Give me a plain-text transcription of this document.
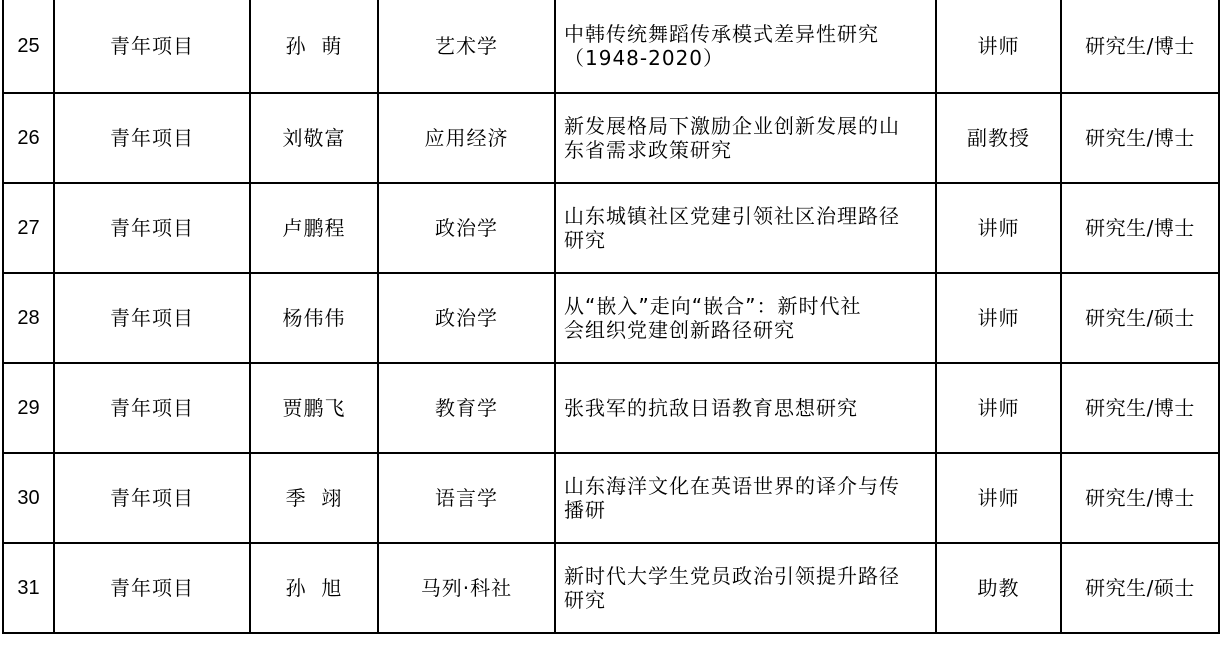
25	青年项目	孙  萌	艺术学	中韩传统舞蹈传承模式差异性研究
（1948-2020）	讲师	研究生/博士
26	青年项目	刘敬富	应用经济	新发展格局下激励企业创新发展的山
东省需求政策研究	副教授	研究生/博士
27	青年项目	卢鹏程	政治学	山东城镇社区党建引领社区治理路径
研究	讲师	研究生/博士
28	青年项目	杨伟伟	政治学	从“嵌入”走向“嵌合”：新时代社
会组织党建创新路径研究	讲师	研究生/硕士
29	青年项目	贾鹏飞	教育学	张我军的抗敌日语教育思想研究	讲师	研究生/博士
30	青年项目	季  翊	语言学	山东海洋文化在英语世界的译介与传
播研	讲师	研究生/博士
31	青年项目	孙  旭	马列·科社	新时代大学生党员政治引领提升路径
研究	助教	研究生/硕士
